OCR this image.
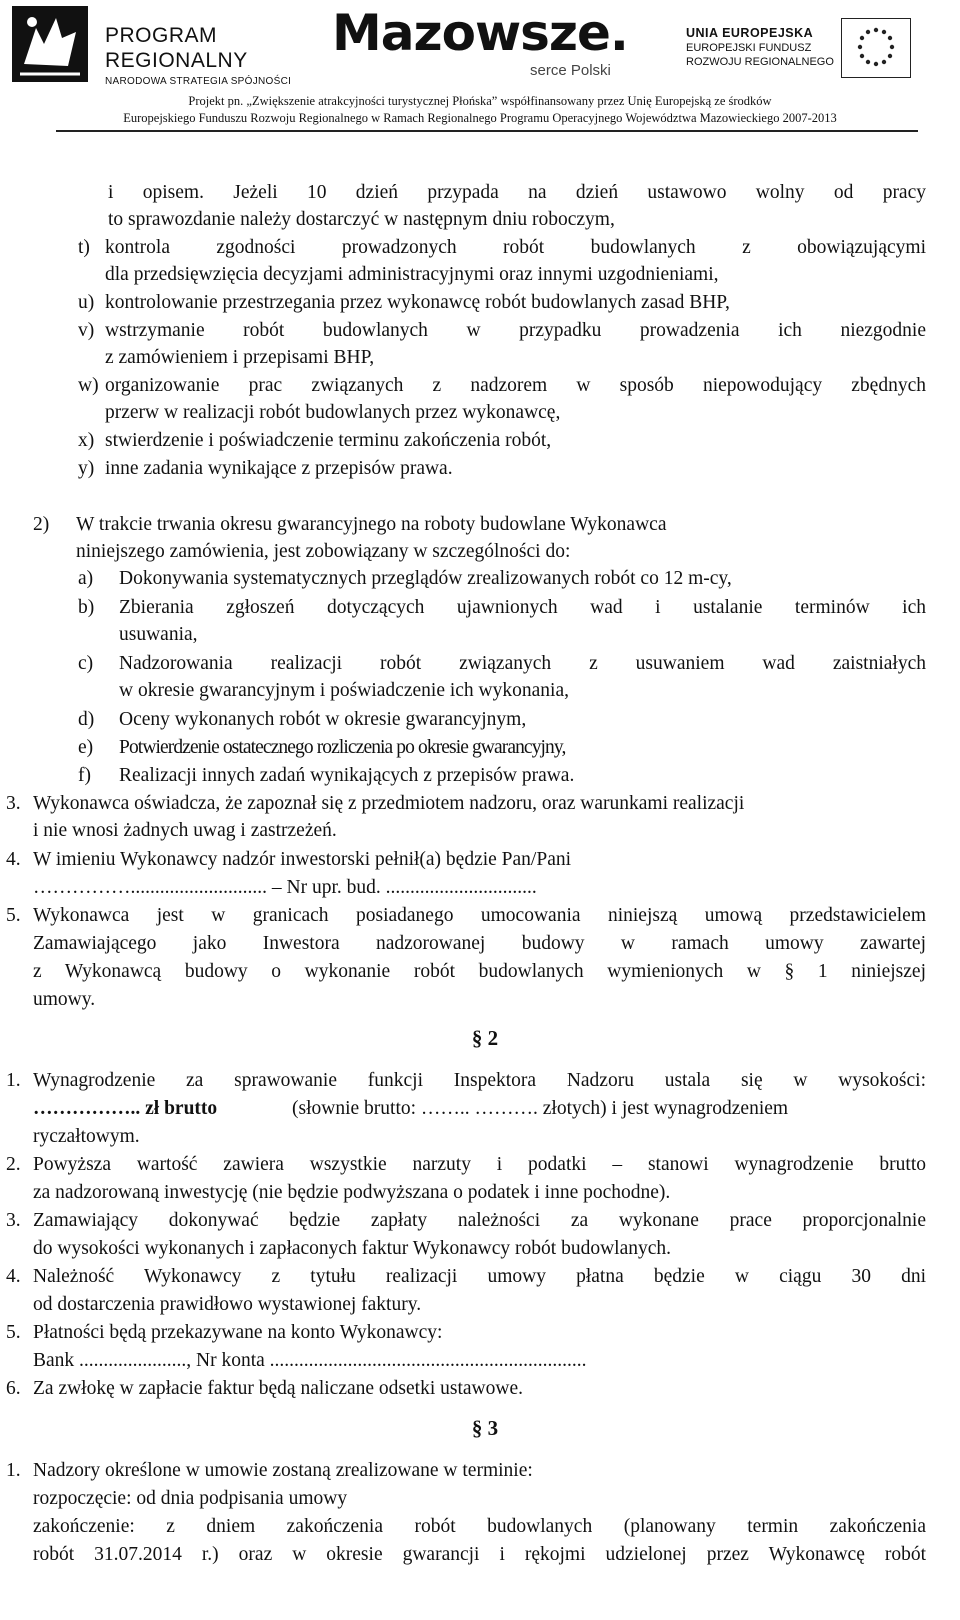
PROGRAM
REGIONALNY
NARODOWA STRATEGIA SPÓJNOŚCI
Mazowsze.
serce Polski
UNIA EUROPEJSKA
EUROPEJSKI FUNDUSZ
ROZWOJU REGIONALNEGO
Projekt pn. „Zwiększenie atrakcyjności turystycznej Płońska” współfinansowany przez Unię Europejską ze środków
Europejskiego Funduszu Rozwoju Regionalnego w Ramach Regionalnego Programu Operacyjnego Województwa Mazowieckiego 2007-2013
i opisem. Jeżeli 10 dzień przypada na dzień ustawowo wolny od pracy
to sprawozdanie należy dostarczyć w następnym dniu roboczym,
t) kontrola zgodności prowadzonych robót budowlanych z obowiązującymi
dla przedsięwzięcia decyzjami administracyjnymi oraz innymi uzgodnieniami,
u) kontrolowanie przestrzegania przez wykonawcę robót budowlanych zasad BHP,
v) wstrzymanie robót budowlanych w przypadku prowadzenia ich niezgodnie
z zamówieniem i przepisami BHP,
w) organizowanie prac związanych z nadzorem w sposób niepowodujący zbędnych
przerw w realizacji robót budowlanych przez wykonawcę,
x) stwierdzenie i poświadczenie terminu zakończenia robót,
y) inne zadania wynikające z przepisów prawa.
2) W trakcie trwania okresu gwarancyjnego na roboty budowlane Wykonawca
niniejszego zamówienia, jest zobowiązany w szczególności do:
a) Dokonywania systematycznych przeglądów zrealizowanych robót co 12 m-cy,
b) Zbierania zgłoszeń dotyczących ujawnionych wad i ustalanie terminów ich
usuwania,
c) Nadzorowania realizacji robót związanych z usuwaniem wad zaistniałych
w okresie gwarancyjnym i poświadczenie ich wykonania,
d) Oceny wykonanych robót w okresie gwarancyjnym,
e) Potwierdzenie ostatecznego rozliczenia po okresie gwarancyjny,
f) Realizacji innych zadań wynikających z przepisów prawa.
3. Wykonawca oświadcza, że zapoznał się z przedmiotem nadzoru, oraz warunkami realizacji
i nie wnosi żadnych uwag i zastrzeżeń.
4. W imieniu Wykonawcy nadzór inwestorski pełnił(a) będzie Pan/Pani
……………............................ – Nr upr. bud. ...............................
5. Wykonawca jest w granicach posiadanego umocowania niniejszą umową przedstawicielem
Zamawiającego jako Inwestora nadzorowanej budowy w ramach umowy zawartej
z Wykonawcą budowy o wykonanie robót budowlanych wymienionych w § 1 niniejszej
umowy.
§ 2
1. Wynagrodzenie za sprawowanie funkcji Inspektora Nadzoru ustala się w wysokości:
…………….. zł brutto	(słownie brutto: …….. ………. złotych) i jest wynagrodzeniem
ryczałtowym.
2. Powyższa wartość zawiera wszystkie narzuty i podatki – stanowi wynagrodzenie brutto
za nadzorowaną inwestycję (nie będzie podwyższana o podatek i inne pochodne).
3. Zamawiający dokonywać będzie zapłaty należności za wykonane prace proporcjonalnie
do wysokości wykonanych i zapłaconych faktur Wykonawcy robót budowlanych.
4. Należność Wykonawcy z tytułu realizacji umowy płatna będzie w ciągu 30 dni
od dostarczenia prawidłowo wystawionej faktury.
5. Płatności będą przekazywane na konto Wykonawcy:
Bank ......................, Nr konta .................................................................
6. Za zwłokę w zapłacie faktur będą naliczane odsetki ustawowe.
§ 3
1. Nadzory określone w umowie zostaną zrealizowane w terminie:
rozpoczęcie: od dnia podpisania umowy
zakończenie: z dniem zakończenia robót budowlanych (planowany termin zakończenia
robót 31.07.2014 r.) oraz w okresie gwarancji i rękojmi udzielonej przez Wykonawcę robót
